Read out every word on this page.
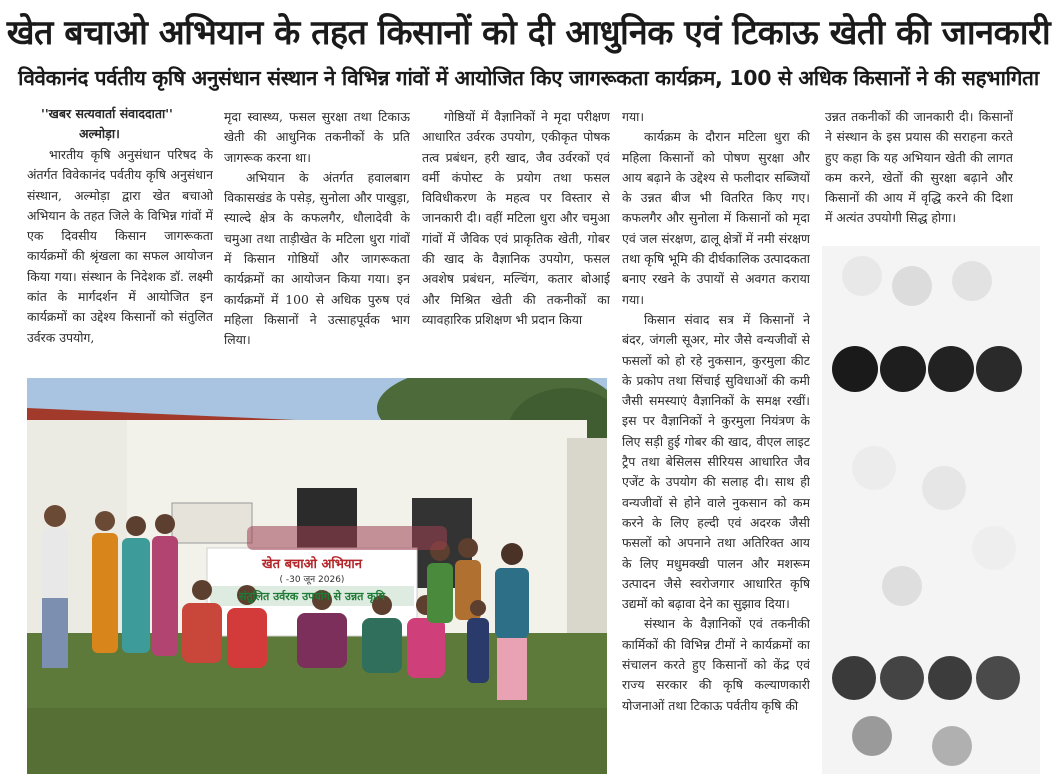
खेत बचाओ अभियान के तहत किसानों को दी आधुनिक एवं टिकाऊ खेती की जानकारी
विवेकानंद पर्वतीय कृषि अनुसंधान संस्थान ने विभिन्न गांवों में आयोजित किए जागरूकता कार्यक्रम, 100 से अधिक किसानों ने की सहभागिता

''खबर सत्यवार्ता संवाददाता''

अल्मोड़ा।

भारतीय कृषि अनुसंधान परिषद के अंतर्गत विवेकानंद पर्वतीय कृषि अनुसंधान संस्थान, अल्मोड़ा द्वारा खेत बचाओ अभियान के तहत जिले के विभिन्न गांवों में एक दिवसीय किसान जागरूकता कार्यक्रमों की श्रृंखला का सफल आयोजन किया गया। संस्थान के निदेशक डॉ. लक्ष्मी कांत के मार्गदर्शन में आयोजित इन कार्यक्रमों का उद्देश्य किसानों को संतुलित उर्वरक उपयोग,

मृदा स्वास्थ्य, फसल सुरक्षा तथा टिकाऊ खेती की आधुनिक तकनीकों के प्रति जागरूक करना था।

अभियान के अंतर्गत हवालबाग विकासखंड के पसेड़, सुनोला और पाखुड़ा, स्याल्दे क्षेत्र के कफलगैर, धौलादेवी के चमुआ तथा ताड़ीखेत के मटिला धुरा गांवों में किसान गोष्ठियों और जागरूकता कार्यक्रमों का आयोजन किया गया। इन कार्यक्रमों में 100 से अधिक पुरुष एवं महिला किसानों ने उत्साहपूर्वक भाग लिया।

गोष्ठियों में वैज्ञानिकों ने मृदा परीक्षण आधारित उर्वरक उपयोग, एकीकृत पोषक तत्व प्रबंधन, हरी खाद, जैव उर्वरकों एवं वर्मी कंपोस्ट के प्रयोग तथा फसल विविधीकरण के महत्व पर विस्तार से जानकारी दी। वहीं मटिला धुरा और चमुआ गांवों में जैविक एवं प्राकृतिक खेती, गोबर की खाद के वैज्ञानिक उपयोग, फसल अवशेष प्रबंधन, मल्चिंग, कतार बोआई और मिश्रित खेती की तकनीकों का व्यावहारिक प्रशिक्षण भी प्रदान किया

गया।

कार्यक्रम के दौरान मटिला धुरा की महिला किसानों को पोषण सुरक्षा और आय बढ़ाने के उद्देश्य से फलीदार सब्जियों के उन्नत बीज भी वितरित किए गए। कफलगैर और सुनोला में किसानों को मृदा एवं जल संरक्षण, ढालू क्षेत्रों में नमी संरक्षण तथा कृषि भूमि की दीर्घकालिक उत्पादकता बनाए रखने के उपायों से अवगत कराया गया।

किसान संवाद सत्र में किसानों ने बंदर, जंगली सूअर, मोर जैसे वन्यजीवों से फसलों को हो रहे नुकसान, कुरमुला कीट के प्रकोप तथा सिंचाई सुविधाओं की कमी जैसी समस्याएं वैज्ञानिकों के समक्ष रखीं। इस पर वैज्ञानिकों ने कुरमुला नियंत्रण के लिए सड़ी हुई गोबर की खाद, वीएल लाइट ट्रैप तथा बेसिलस सीरियस आधारित जैव एजेंट के उपयोग की सलाह दी। साथ ही वन्यजीवों से होने वाले नुकसान को कम करने के लिए हल्दी एवं अदरक जैसी फसलों को अपनाने तथा अतिरिक्त आय के लिए मधुमक्खी पालन और मशरूम उत्पादन जैसे स्वरोजगार आधारित कृषि उद्यमों को बढ़ावा देने का सुझाव दिया।

संस्थान के वैज्ञानिकों एवं तकनीकी कार्मिकों की विभिन्न टीमों ने कार्यक्रमों का संचालन करते हुए किसानों को केंद्र एवं राज्य सरकार की कृषि कल्याणकारी योजनाओं तथा टिकाऊ पर्वतीय कृषि की

उन्नत तकनीकों की जानकारी दी। किसानों ने संस्थान के इस प्रयास की सराहना करते हुए कहा कि यह अभियान खेती की लागत कम करने, खेतों की सुरक्षा बढ़ाने और किसानों की आय में वृद्धि करने की दिशा में अत्यंत उपयोगी सिद्ध होगा।

खेत बचाओ अभियान
( -30 जून 2026)
संतुलित उर्वरक उपयोग से उन्नत कृषि
